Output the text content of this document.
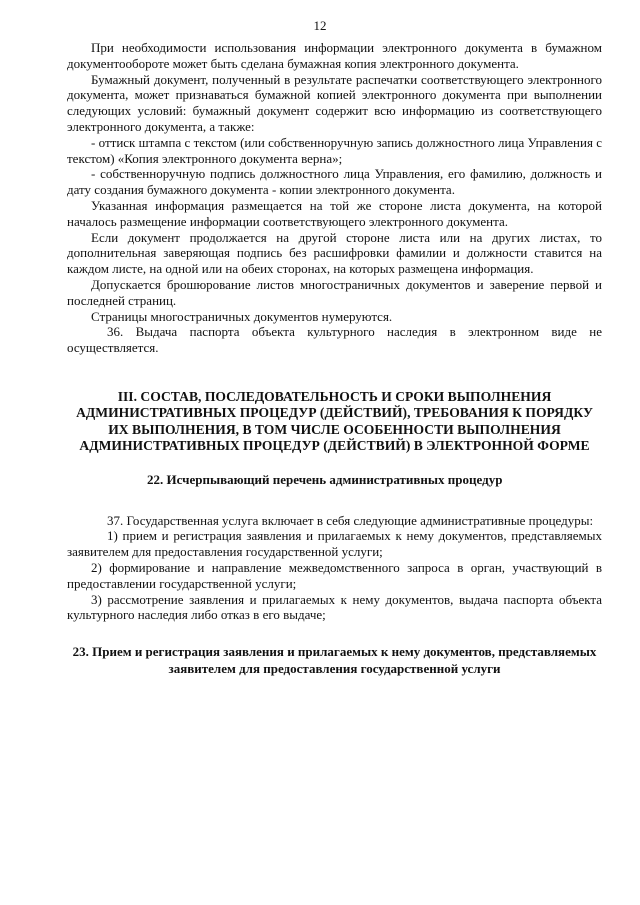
12

При необходимости использования информации электронного документа в бумажном документообороте может быть сделана бумажная копия электронного документа.

Бумажный документ, полученный в результате распечатки соответствующего электронного документа, может признаваться бумажной копией электронного документа при выполнении следующих условий: бумажный документ содержит всю информацию из соответствующего электронного документа, а также:

- оттиск штампа с текстом (или собственноручную запись должностного лица Управления с текстом) «Копия электронного документа верна»;

- собственноручную подпись должностного лица Управления, его фамилию, должность и дату создания бумажного документа - копии электронного документа.

Указанная информация размещается на той же стороне листа документа, на которой началось размещение информации соответствующего электронного документа.

Если документ продолжается на другой стороне листа или на других листах, то дополнительная заверяющая подпись без расшифровки фамилии и должности ставится на каждом листе, на одной или на обеих сторонах, на которых размещена информация.

Допускается брошюрование листов многостраничных документов и заверение первой и последней страниц.

Страницы многостраничных документов нумеруются.

36. Выдача паспорта объекта культурного наследия в электронном виде не осуществляется.

III. СОСТАВ, ПОСЛЕДОВАТЕЛЬНОСТЬ И СРОКИ ВЫПОЛНЕНИЯ АДМИНИСТРАТИВНЫХ ПРОЦЕДУР (ДЕЙСТВИЙ), ТРЕБОВАНИЯ К ПОРЯДКУ ИХ ВЫПОЛНЕНИЯ, В ТОМ ЧИСЛЕ ОСОБЕННОСТИ ВЫПОЛНЕНИЯ АДМИНИСТРАТИВНЫХ ПРОЦЕДУР (ДЕЙСТВИЙ) В ЭЛЕКТРОННОЙ ФОРМЕ
22. Исчерпывающий перечень административных процедур

37. Государственная услуга включает в себя следующие административные процедуры:

1) прием и регистрация заявления и прилагаемых к нему документов, представляемых заявителем для предоставления государственной услуги;

2) формирование и направление межведомственного запроса в орган, участвующий в предоставлении государственной услуги;

3) рассмотрение заявления и прилагаемых к нему документов, выдача паспорта объекта культурного наследия либо отказ в его выдаче;

23. Прием и регистрация заявления и прилагаемых к нему документов, представляемых заявителем для предоставления государственной услуги
